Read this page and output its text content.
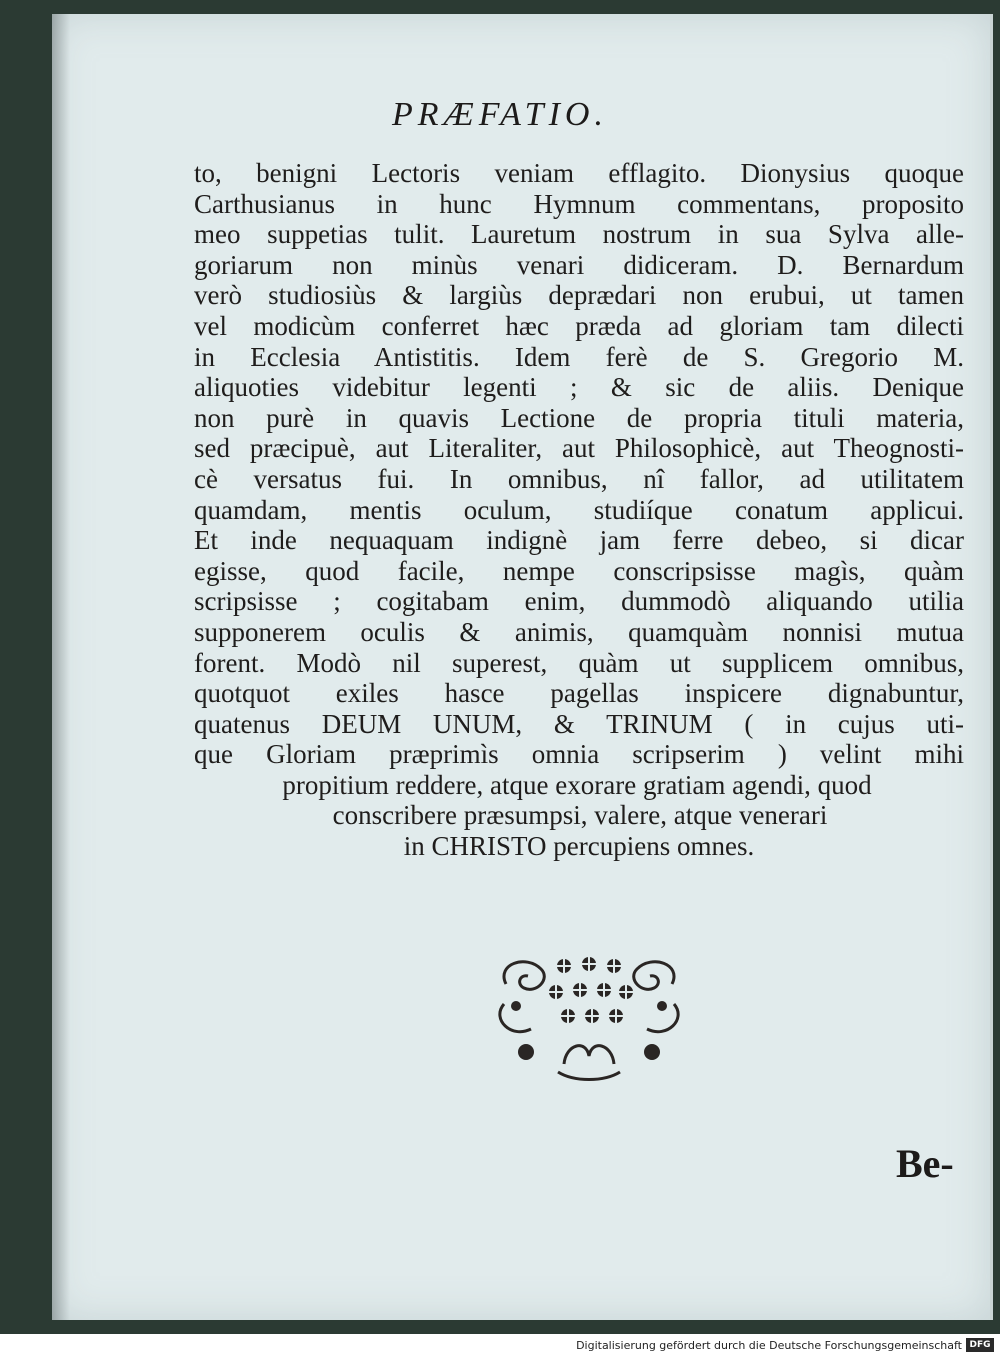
PRÆFATIO.
to, benigni Lectoris veniam efflagito. Dionysius quoque
Carthusianus in hunc Hymnum commentans, proposito
meo suppetias tulit. Lauretum nostrum in sua Sylva alle-
goriarum non minùs venari didiceram. D. Bernardum
verò studiosiùs & largiùs deprædari non erubui, ut tamen
vel modicùm conferret hæc præda ad gloriam tam dilecti
in Ecclesia Antistitis. Idem ferè de S. Gregorio M.
aliquoties videbitur legenti ; & sic de aliis. Denique
non purè in quavis Lectione de propria tituli materia,
sed præcipuè, aut Literaliter, aut Philosophicè, aut Theognosti-
cè versatus fui. In omnibus, nî fallor, ad utilitatem
quamdam, mentis oculum, studiíque conatum applicui.
Et inde nequaquam indignè jam ferre debeo, si dicar
egisse, quod facile, nempe conscripsisse magìs, quàm
scripsisse ; cogitabam enim, dummodò aliquando utilia
supponerem oculis & animis, quamquàm nonnisi mutua
forent. Modò nil superest, quàm ut supplicem omnibus,
quotquot exiles hasce pagellas inspicere dignabuntur,
quatenus DEUM UNUM, & TRINUM ( in cujus uti-
que Gloriam præprimìs omnia scripserim ) velint mihi
propitium reddere, atque exorare gratiam agendi, quod
conscribere præsumpsi, valere, atque venerari
in CHRISTO percupiens omnes.
Be-
Digitalisierung gefördert durch die Deutsche Forschungsgemeinschaft DFG
